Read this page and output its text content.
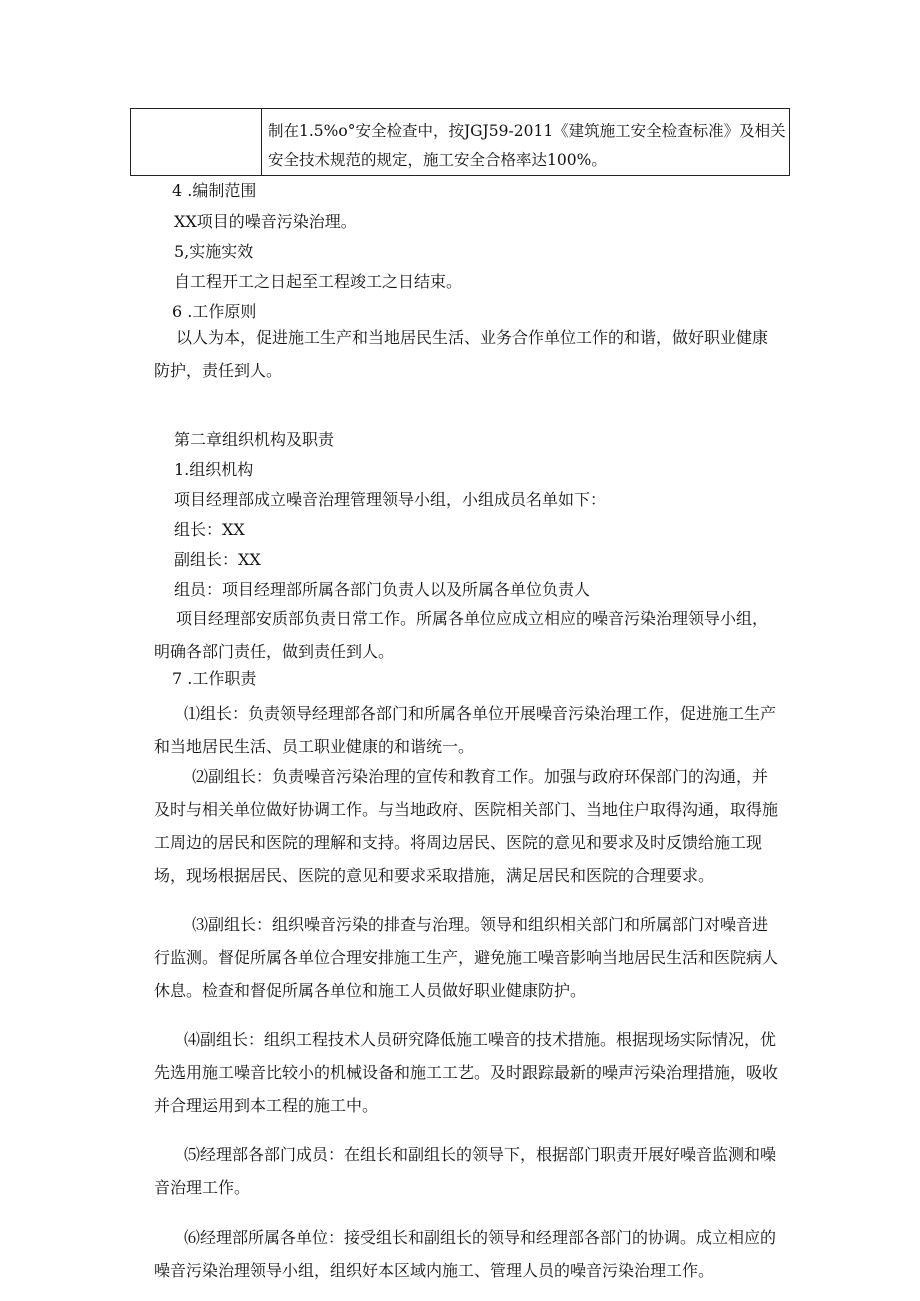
	制在1.5%o°安全检查中，按JGJ59-2011《建筑施工安全检查标准》及相关安全技术规范的规定，施工安全合格率达100%。
4 .编制范围
XX项目的噪音污染治理。
5,实施实效
自工程开工之日起至工程竣工之日结束。
6 .工作原则
以人为本，促进施工生产和当地居民生活、业务合作单位工作的和谐，做好职业健康防护，责任到人。
第二章组织机构及职责
1.组织机构
项目经理部成立噪音治理管理领导小组，小组成员名单如下：
组长：XX
副组长：XX
组员：项目经理部所属各部门负责人以及所属各单位负责人
项目经理部安质部负责日常工作。所属各单位应成立相应的噪音污染治理领导小组，明确各部门责任，做到责任到人。
7 .工作职责
⑴组长：负责领导经理部各部门和所属各单位开展噪音污染治理工作，促进施工生产和当地居民生活、员工职业健康的和谐统一。
⑵副组长：负责噪音污染治理的宣传和教育工作。加强与政府环保部门的沟通，并及时与相关单位做好协调工作。与当地政府、医院相关部门、当地住户取得沟通，取得施工周边的居民和医院的理解和支持。将周边居民、医院的意见和要求及时反馈给施工现场，现场根据居民、医院的意见和要求采取措施，满足居民和医院的合理要求。
⑶副组长：组织噪音污染的排查与治理。领导和组织相关部门和所属部门对噪音进行监测。督促所属各单位合理安排施工生产，避免施工噪音影响当地居民生活和医院病人休息。检查和督促所属各单位和施工人员做好职业健康防护。
⑷副组长：组织工程技术人员研究降低施工噪音的技术措施。根据现场实际情况，优先选用施工噪音比较小的机械设备和施工工艺。及时跟踪最新的噪声污染治理措施，吸收并合理运用到本工程的施工中。
⑸经理部各部门成员：在组长和副组长的领导下，根据部门职责开展好噪音监测和噪音治理工作。
⑹经理部所属各单位：接受组长和副组长的领导和经理部各部门的协调。成立相应的噪音污染治理领导小组，组织好本区域内施工、管理人员的噪音污染治理工作。
